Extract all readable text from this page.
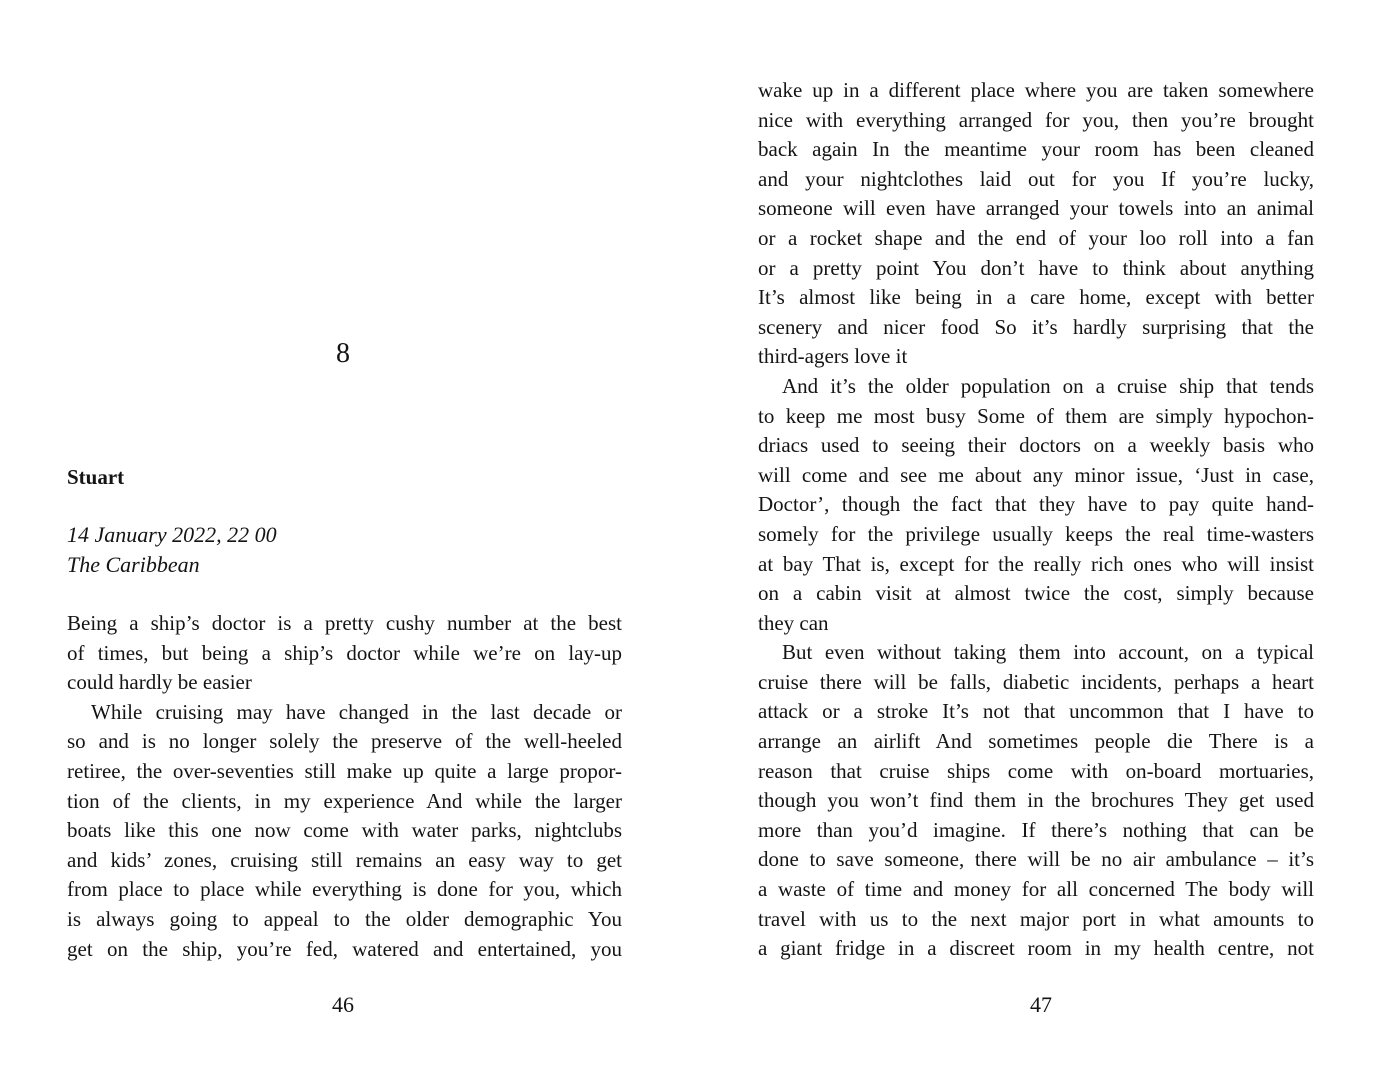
8
Stuart
14 January 2022, 22 00
The Caribbean
Being a ship’s doctor is a pretty cushy number at the best
of times, but being a ship’s doctor while we’re on lay-up
could hardly be easier
While cruising may have changed in the last decade or
so and is no longer solely the preserve of the well-heeled
retiree, the over-seventies still make up quite a large propor-
tion of the clients, in my experience And while the larger
boats like this one now come with water parks, nightclubs
and kids’ zones, cruising still remains an easy way to get
from place to place while everything is done for you, which
is always going to appeal to the older demographic You
get on the ship, you’re fed, watered and entertained, you
46
wake up in a different place where you are taken somewhere
nice with everything arranged for you, then you’re brought
back again In the meantime your room has been cleaned
and your nightclothes laid out for you If you’re lucky,
someone will even have arranged your towels into an animal
or a rocket shape and the end of your loo roll into a fan
or a pretty point You don’t have to think about anything
It’s almost like being in a care home, except with better
scenery and nicer food So it’s hardly surprising that the
third-agers love it
And it’s the older population on a cruise ship that tends
to keep me most busy Some of them are simply hypochon-
driacs used to seeing their doctors on a weekly basis who
will come and see me about any minor issue, ‘Just in case,
Doctor’, though the fact that they have to pay quite hand-
somely for the privilege usually keeps the real time-wasters
at bay That is, except for the really rich ones who will insist
on a cabin visit at almost twice the cost, simply because
they can
But even without taking them into account, on a typical
cruise there will be falls, diabetic incidents, perhaps a heart
attack or a stroke It’s not that uncommon that I have to
arrange an airlift And sometimes people die There is a
reason that cruise ships come with on-board mortuaries,
though you won’t find them in the brochures They get used
more than you’d imagine. If there’s nothing that can be
done to save someone, there will be no air ambulance – it’s
a waste of time and money for all concerned The body will
travel with us to the next major port in what amounts to
a giant fridge in a discreet room in my health centre, not
47
